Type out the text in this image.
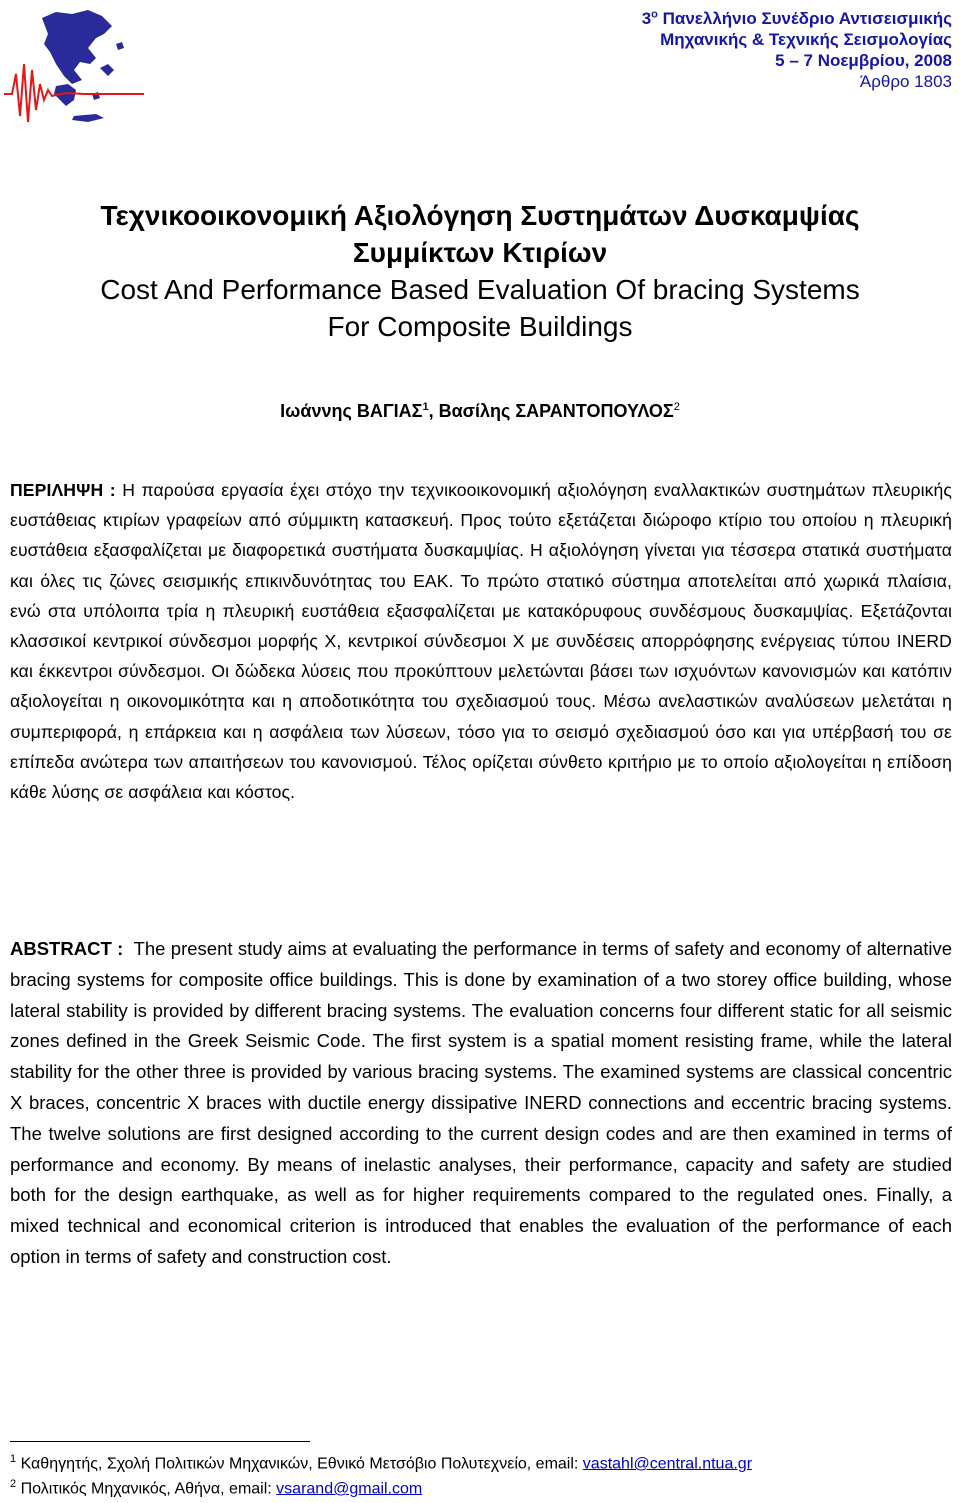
$3^o$ Πανελλήνιο Συνέδριο Αντισεισμικής
Μηχανικής & Τεχνικής Σεισμολογίας
5 – 7 Νοεμβρίου, 2008
Άρθρο 1803
Τεχνικοοικονομική Αξιολόγηση Συστημάτων Δυσκαμψίας
Συμμίκτων Κτιρίων
Cost And Performance Based Evaluation Of bracing Systems
For Composite Buildings
Ιωάννης ΒΑΓΙΑΣ$^1$, Βασίλης ΣΑΡΑΝΤΟΠΟΥΛΟΣ$^2$
ΠΕΡΙΛΗΨΗ : Η παρούσα εργασία έχει στόχο την τεχνικοοικονομική αξιολόγηση εναλλακτικών συστημάτων πλευρικής ευστάθειας κτιρίων γραφείων από σύμμικτη κατασκευή. Προς τούτο εξετάζεται διώροφο κτίριο του οποίου η πλευρική ευστάθεια εξασφαλίζεται με διαφορετικά συστήματα δυσκαμψίας. Η αξιολόγηση γίνεται για τέσσερα στατικά συστήματα και όλες τις ζώνες σεισμικής επικινδυνότητας του ΕΑΚ. Το πρώτο στατικό σύστημα αποτελείται από χωρικά πλαίσια, ενώ στα υπόλοιπα τρία η πλευρική ευστάθεια εξασφαλίζεται με κατακόρυφους συνδέσμους δυσκαμψίας. Εξετάζονται κλασσικοί κεντρικοί σύνδεσμοι μορφής Χ, κεντρικοί σύνδεσμοι Χ με συνδέσεις απορρόφησης ενέργειας τύπου INERD και έκκεντροι σύνδεσμοι. Οι δώδεκα λύσεις που προκύπτουν μελετώνται βάσει των ισχυόντων κανονισμών και κατόπιν αξιολογείται η οικονομικότητα και η αποδοτικότητα του σχεδιασμού τους. Μέσω ανελαστικών αναλύσεων μελετάται η συμπεριφορά, η επάρκεια και η ασφάλεια των λύσεων, τόσο για το σεισμό σχεδιασμού όσο και για υπέρβασή του σε επίπεδα ανώτερα των απαιτήσεων του κανονισμού. Τέλος ορίζεται σύνθετο κριτήριο με το οποίο αξιολογείται η επίδοση κάθε λύσης σε ασφάλεια και κόστος.
ABSTRACT : The present study aims at evaluating the performance in terms of safety and economy of alternative bracing systems for composite office buildings. This is done by examination of a two storey office building, whose lateral stability is provided by different bracing systems. The evaluation concerns four different static for all seismic zones defined in the Greek Seismic Code. The first system is a spatial moment resisting frame, while the lateral stability for the other three is provided by various bracing systems. The examined systems are classical concentric X braces, concentric X braces with ductile energy dissipative INERD connections and eccentric bracing systems. The twelve solutions are first designed according to the current design codes and are then examined in terms of performance and economy. By means of inelastic analyses, their performance, capacity and safety are studied both for the design earthquake, as well as for higher requirements compared to the regulated ones. Finally, a mixed technical and economical criterion is introduced that enables the evaluation of the performance of each option in terms of safety and construction cost.
$^1$ Καθηγητής, Σχολή Πολιτικών Μηχανικών, Εθνικό Μετσόβιο Πολυτεχνείο, email: vastahl@central.ntua.gr
$^2$ Πολιτικός Μηχανικός, Αθήνα, email: vsarand@gmail.com
